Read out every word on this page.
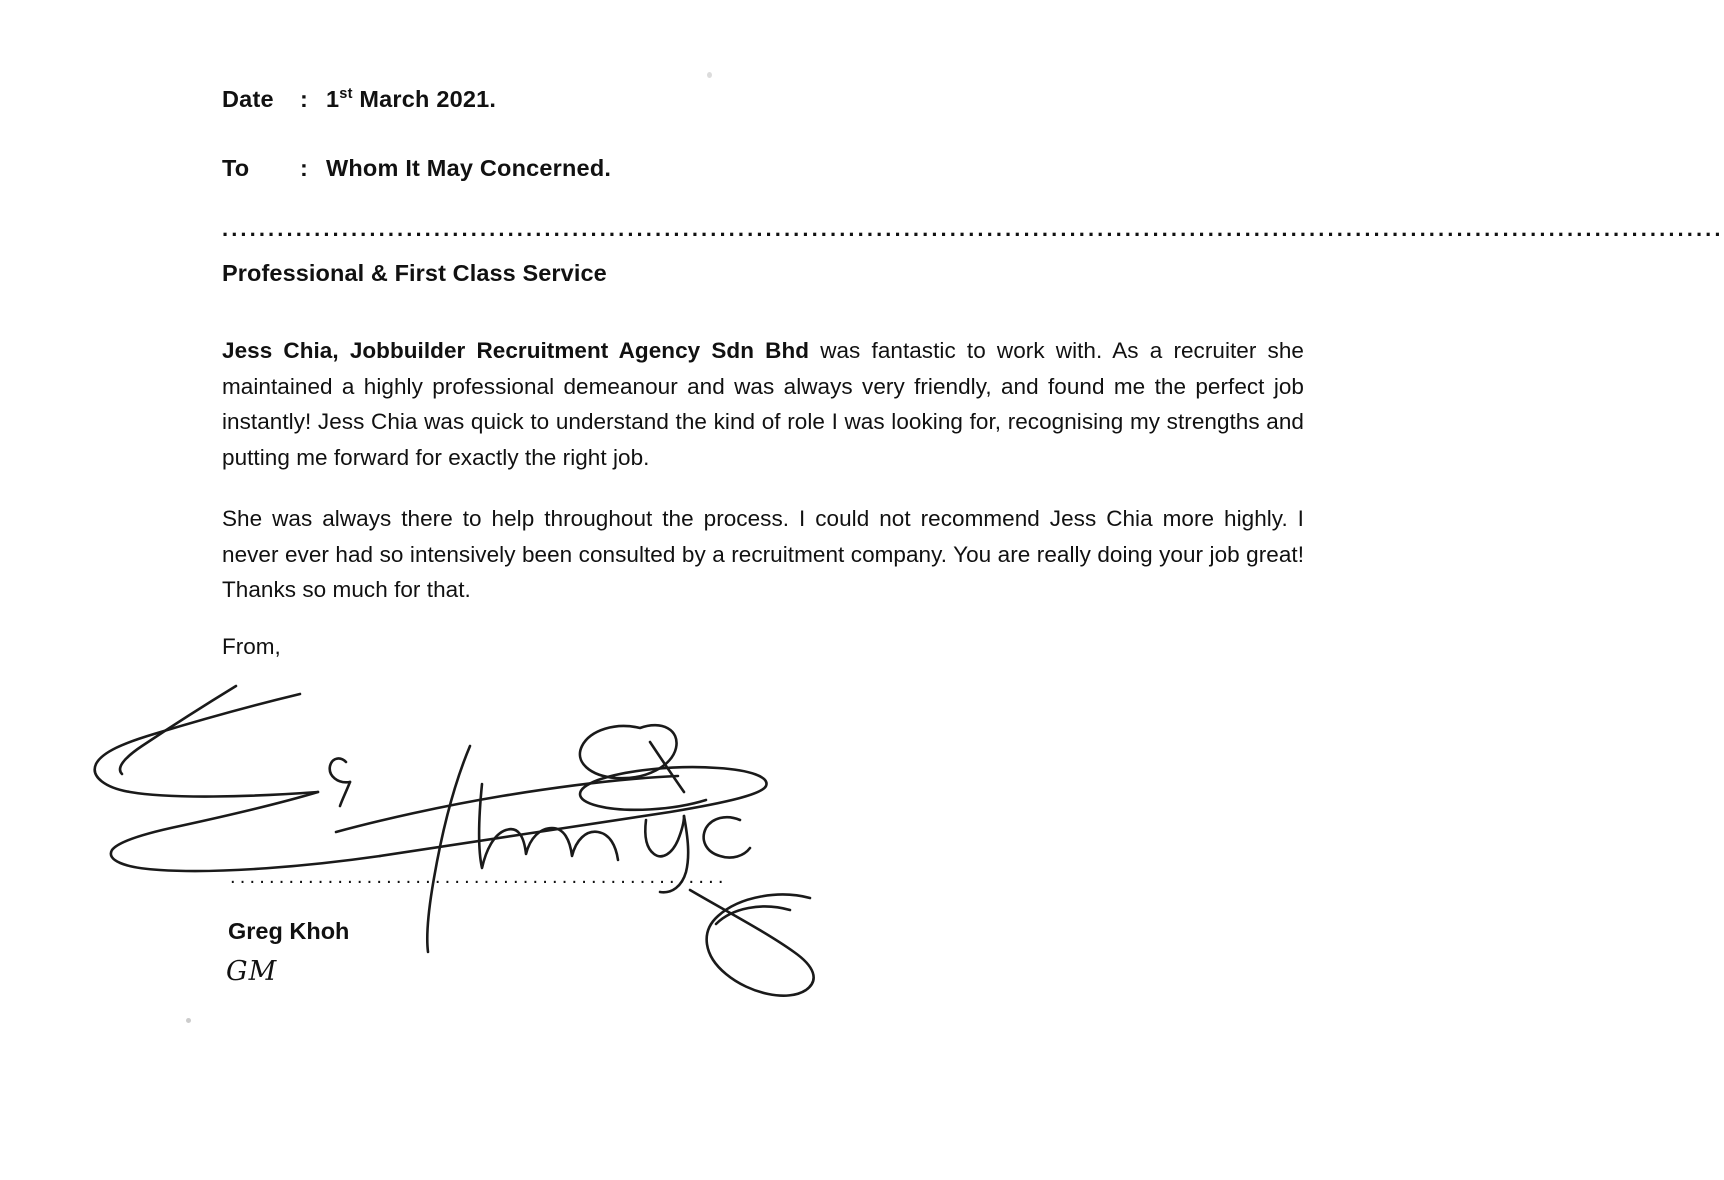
Date	: 1st March 2021.
To	: Whom It May Concerned.
...................................................................................................................................................................
Professional & First Class Service

Jess Chia, Jobbuilder Recruitment Agency Sdn Bhd was fantastic to work with. As a recruiter she maintained a highly professional demeanour and was always very friendly, and found me the perfect job instantly! Jess Chia was quick to understand the kind of role I was looking for, recognising my strengths and putting me forward for exactly the right job.

She was always there to help throughout the process. I could not recommend Jess Chia more highly. I never ever had so intensively been consulted by a recruitment company. You are really doing your job great! Thanks so much for that.

From,
...................................................
Greg Khoh
GM
